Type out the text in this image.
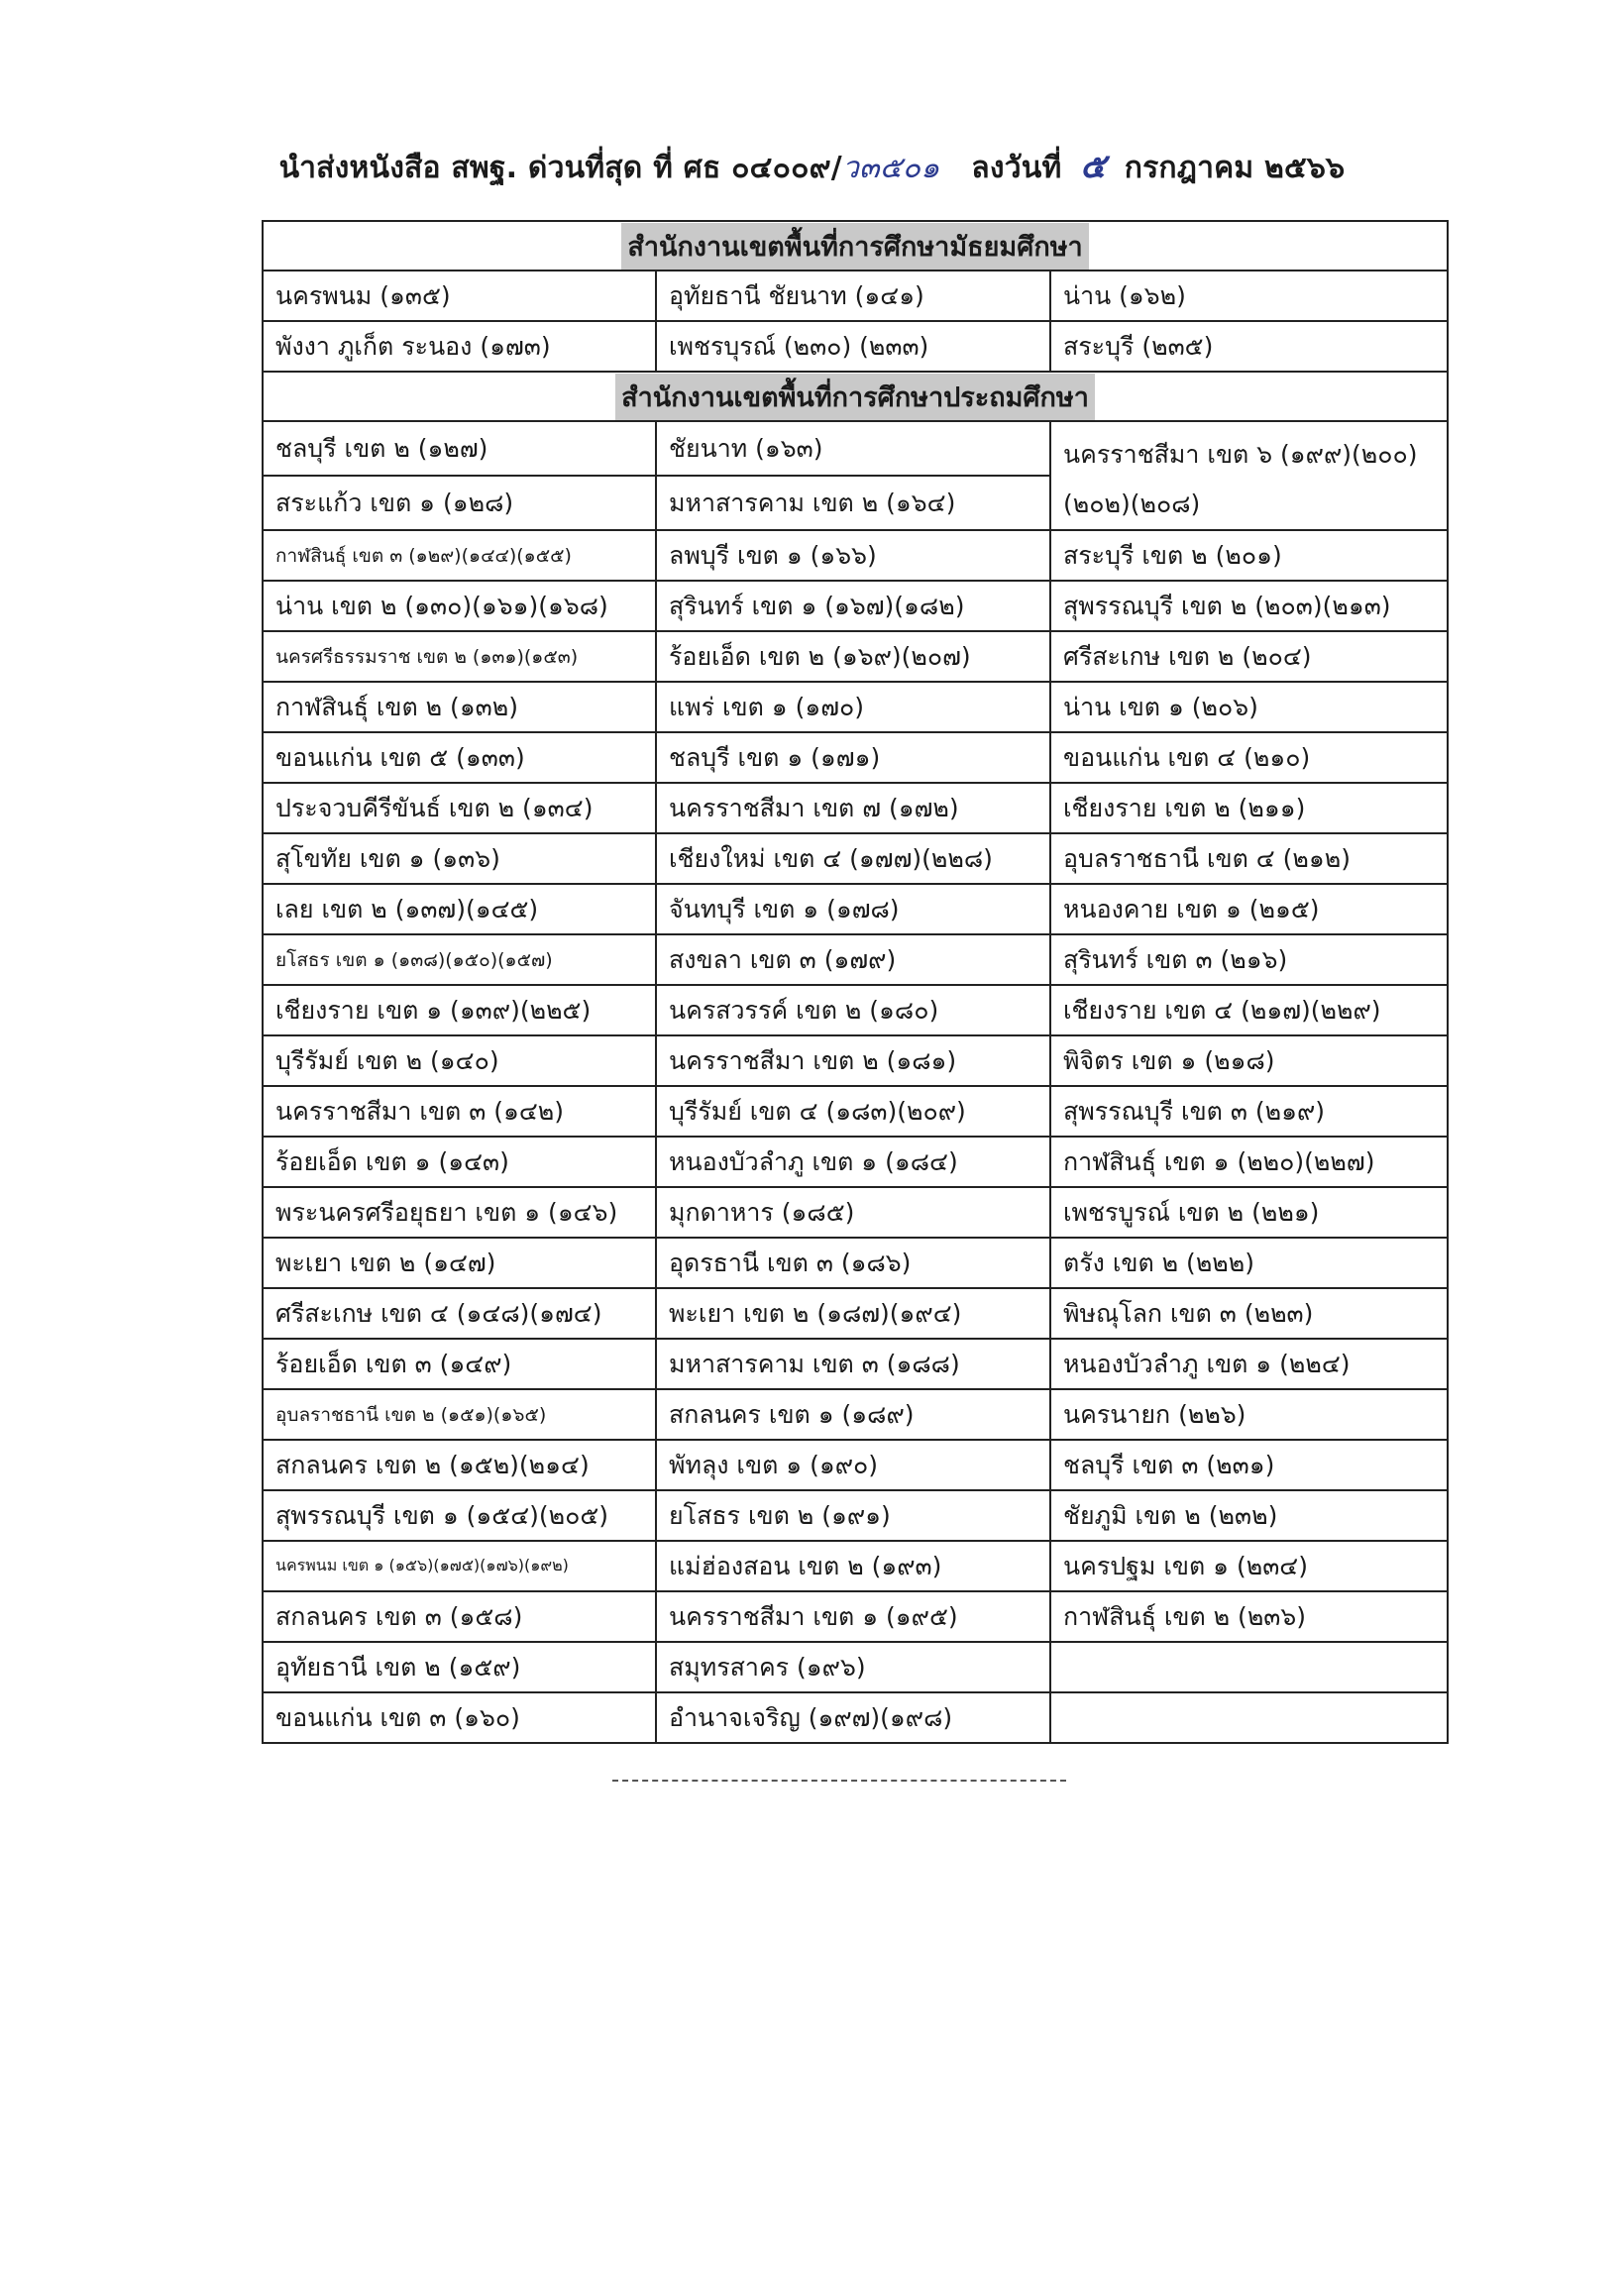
นำส่งหนังสือ สพฐ. ด่วนที่สุด ที่ ศธ ๐๔๐๐๙/ว๓๕๐๑ ลงวันที่ ๕ กรกฎาคม ๒๕๖๖
สำนักงานเขตพื้นที่การศึกษามัธยมศึกษา		
นครพนม (๑๓๕)	อุทัยธานี ชัยนาท (๑๔๑)	น่าน (๑๖๒)
พังงา ภูเก็ต ระนอง (๑๗๓)	เพชรบุรณ์ (๒๓๐) (๒๓๓)	สระบุรี (๒๓๕)
สำนักงานเขตพื้นที่การศึกษาประถมศึกษา		
ชลบุรี เขต ๒ (๑๒๗)	ชัยนาท (๑๖๓)	นครราชสีมา เขต ๖ (๑๙๙)(๒๐๐)(๒๐๒)(๒๐๘)
สระแก้ว เขต ๑ (๑๒๘)	มหาสารคาม เขต ๒ (๑๖๔)	
กาฬสินธุ์ เขต ๓ (๑๒๙)(๑๔๔)(๑๕๕)	ลพบุรี เขต ๑ (๑๖๖)	สระบุรี เขต ๒ (๒๐๑)
น่าน เขต ๒ (๑๓๐)(๑๖๑)(๑๖๘)	สุรินทร์ เขต ๑ (๑๖๗)(๑๘๒)	สุพรรณบุรี เขต ๒ (๒๐๓)(๒๑๓)
นครศรีธรรมราช เขต ๒ (๑๓๑)(๑๕๓)	ร้อยเอ็ด เขต ๒ (๑๖๙)(๒๐๗)	ศรีสะเกษ เขต ๒ (๒๐๔)
กาฬสินธุ์ เขต ๒ (๑๓๒)	แพร่ เขต ๑ (๑๗๐)	น่าน เขต ๑ (๒๐๖)
ขอนแก่น เขต ๕ (๑๓๓)	ชลบุรี เขต ๑ (๑๗๑)	ขอนแก่น เขต ๔ (๒๑๐)
ประจวบคีรีขันธ์ เขต ๒ (๑๓๔)	นครราชสีมา เขต ๗ (๑๗๒)	เชียงราย เขต ๒ (๒๑๑)
สุโขทัย เขต ๑ (๑๓๖)	เชียงใหม่ เขต ๔ (๑๗๗)(๒๒๘)	อุบลราชธานี เขต ๔ (๒๑๒)
เลย เขต ๒ (๑๓๗)(๑๔๕)	จันทบุรี เขต ๑ (๑๗๘)	หนองคาย เขต ๑ (๒๑๕)
ยโสธร เขต ๑ (๑๓๘)(๑๕๐)(๑๕๗)	สงขลา เขต ๓ (๑๗๙)	สุรินทร์ เขต ๓ (๒๑๖)
เชียงราย เขต ๑ (๑๓๙)(๒๒๕)	นครสวรรค์ เขต ๒ (๑๘๐)	เชียงราย เขต ๔ (๒๑๗)(๒๒๙)
บุรีรัมย์ เขต ๒ (๑๔๐)	นครราชสีมา เขต ๒ (๑๘๑)	พิจิตร เขต ๑ (๒๑๘)
นครราชสีมา เขต ๓ (๑๔๒)	บุรีรัมย์ เขต ๔ (๑๘๓)(๒๐๙)	สุพรรณบุรี เขต ๓ (๒๑๙)
ร้อยเอ็ด เขต ๑ (๑๔๓)	หนองบัวลำภู เขต ๑ (๑๘๔)	กาฬสินธุ์ เขต ๑ (๒๒๐)(๒๒๗)
พระนครศรีอยุธยา เขต ๑ (๑๔๖)	มุกดาหาร (๑๘๕)	เพชรบูรณ์ เขต ๒ (๒๒๑)
พะเยา เขต ๒ (๑๔๗)	อุดรธานี เขต ๓ (๑๘๖)	ตรัง เขต ๒ (๒๒๒)
ศรีสะเกษ เขต ๔ (๑๔๘)(๑๗๔)	พะเยา เขต ๒ (๑๘๗)(๑๙๔)	พิษณุโลก เขต ๓ (๒๒๓)
ร้อยเอ็ด เขต ๓ (๑๔๙)	มหาสารคาม เขต ๓ (๑๘๘)	หนองบัวลำภู เขต ๑ (๒๒๔)
อุบลราชธานี เขต ๒ (๑๕๑)(๑๖๕)	สกลนคร เขต ๑ (๑๘๙)	นครนายก (๒๒๖)
สกลนคร เขต ๒ (๑๕๒)(๒๑๔)	พัทลุง เขต ๑ (๑๙๐)	ชลบุรี เขต ๓ (๒๓๑)
สุพรรณบุรี เขต ๑ (๑๕๔)(๒๐๕)	ยโสธร เขต ๒ (๑๙๑)	ชัยภูมิ เขต ๒ (๒๓๒)
นครพนม เขต ๑ (๑๕๖)(๑๗๕)(๑๗๖)(๑๙๒)	แม่ฮ่องสอน เขต ๒ (๑๙๓)	นครปฐม เขต ๑ (๒๓๔)
สกลนคร เขต ๓ (๑๕๘)	นครราชสีมา เขต ๑ (๑๙๕)	กาฬสินธุ์ เขต ๒ (๒๓๖)
อุทัยธานี เขต ๒ (๑๕๙)	สมุทรสาคร (๑๙๖)	
ขอนแก่น เขต ๓ (๑๖๐)	อำนาจเจริญ (๑๙๗)(๑๙๘)	
